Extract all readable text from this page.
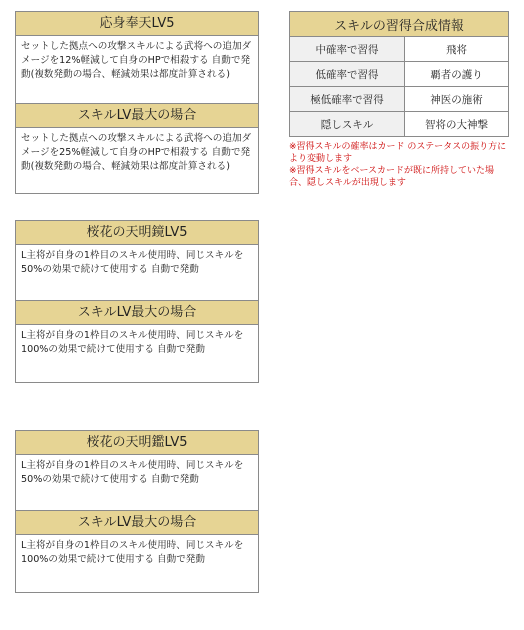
応身奉天LV5
セットした拠点への攻撃スキルによる武将への追加ダメージを12%軽減して自身のHPで相殺する 自動で発動(複数発動の場合、軽減効果は都度計算される)
スキルLV最大の場合
セットした拠点への攻撃スキルによる武将への追加ダメージを25%軽減して自身のHPで相殺する 自動で発動(複数発動の場合、軽減効果は都度計算される)
桜花の天明鏡LV5
L主将が自身の1枠目のスキル使用時、同じスキルを50%の効果で続けて使用する 自動で発動
スキルLV最大の場合
L主将が自身の1枠目のスキル使用時、同じスキルを100%の効果で続けて使用する 自動で発動
桜花の天明鑑LV5
L主将が自身の1枠目のスキル使用時、同じスキルを50%の効果で続けて使用する 自動で発動
スキルLV最大の場合
L主将が自身の1枠目のスキル使用時、同じスキルを100%の効果で続けて使用する 自動で発動
スキルの習得合成情報	
中確率で習得	飛将
低確率で習得	覇者の護り
極低確率で習得	神医の施術
隠しスキル	智将の大神撃

※習得スキルの確率はカード のステータスの振り方により変動します

※習得スキルをベースカードが既に所持していた場合、隠しスキルが出現します
